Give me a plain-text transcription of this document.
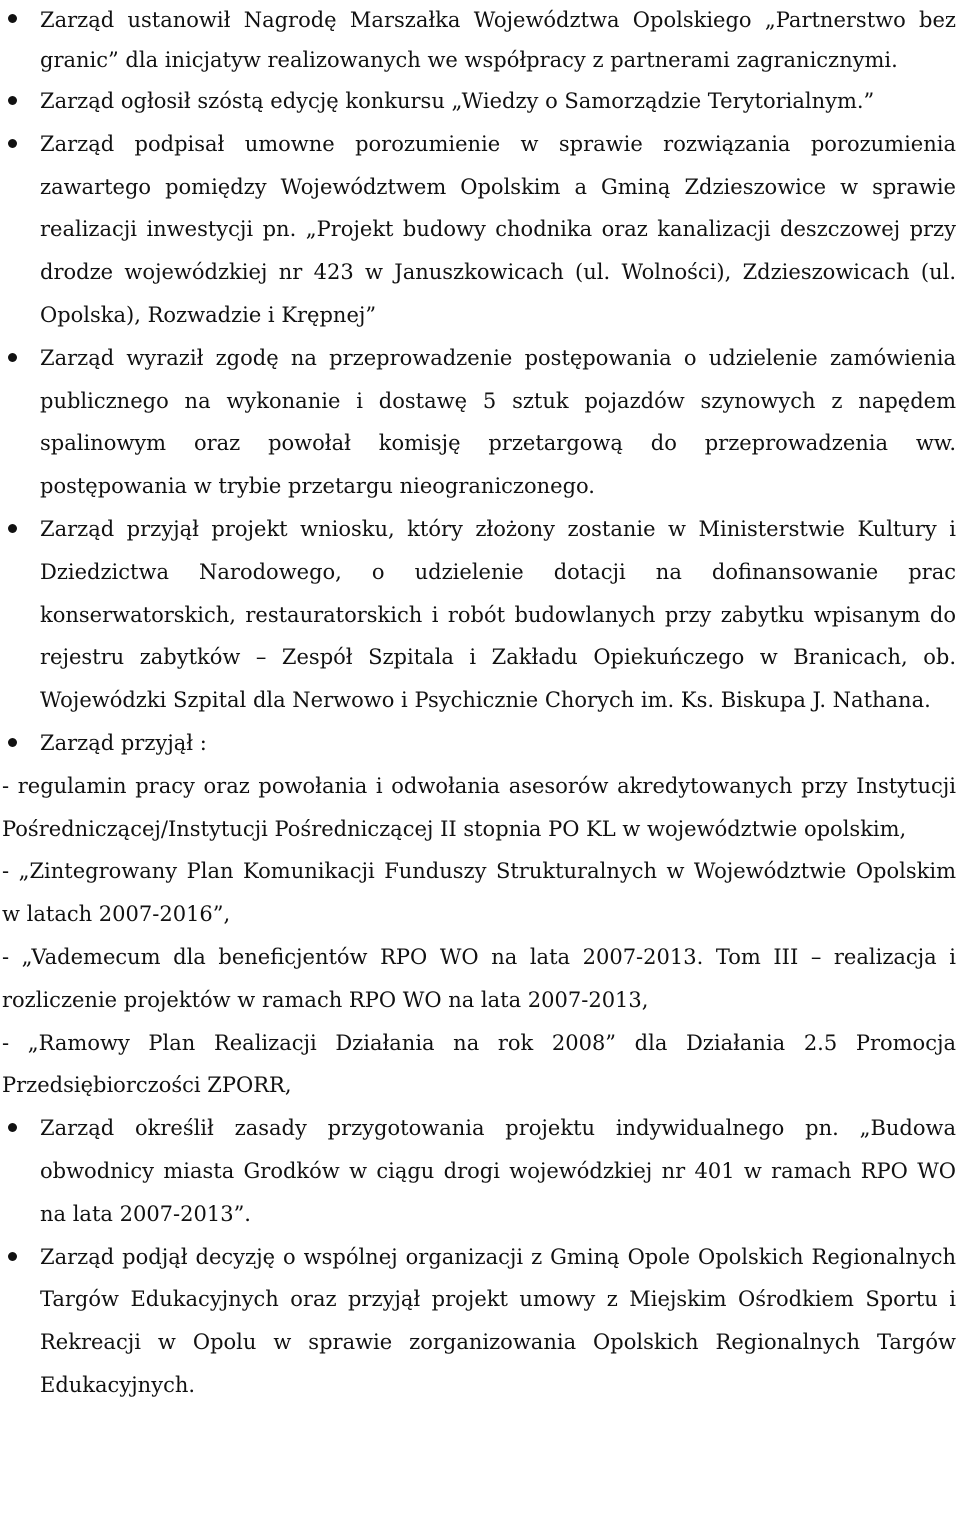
Zarząd ustanowił Nagrodę Marszałka Województwa Opolskiego „Partnerstwo bez granic” dla inicjatyw realizowanych we współpracy z partnerami zagranicznymi.
Zarząd ogłosił szóstą edycję konkursu „Wiedzy o Samorządzie Terytorialnym.”
Zarząd podpisał umowne porozumienie w sprawie rozwiązania porozumienia zawartego pomiędzy Województwem Opolskim a Gminą Zdzieszowice w sprawie realizacji inwestycji pn. „Projekt budowy chodnika oraz kanalizacji deszczowej przy drodze wojewódzkiej nr 423 w Januszkowicach (ul. Wolności), Zdzieszowicach (ul. Opolska), Rozwadzie i Krępnej”
Zarząd wyraził zgodę na przeprowadzenie postępowania o udzielenie zamówienia publicznego na wykonanie i dostawę 5 sztuk pojazdów szynowych z napędem spalinowym oraz powołał komisję przetargową do przeprowadzenia ww. postępowania w trybie przetargu nieograniczonego.
Zarząd przyjął projekt wniosku, który złożony zostanie w Ministerstwie Kultury i Dziedzictwa Narodowego, o udzielenie dotacji na dofinansowanie prac konserwatorskich, restauratorskich i robót budowlanych przy zabytku wpisanym do rejestru zabytków – Zespół Szpitala i Zakładu Opiekuńczego w Branicach, ob. Wojewódzki Szpital dla Nerwowo i Psychicznie Chorych im. Ks. Biskupa J. Nathana.
Zarząd przyjął :

- regulamin pracy oraz powołania i odwołania asesorów akredytowanych przy Instytucji Pośredniczącej/Instytucji Pośredniczącej II stopnia PO KL w województwie opolskim,

- „Zintegrowany Plan Komunikacji Funduszy Strukturalnych w Województwie Opolskim w latach 2007-2016”,

- „Vademecum dla beneficjentów RPO WO na lata 2007-2013. Tom III – realizacja i rozliczenie projektów w ramach RPO WO na lata 2007-2013,

- „Ramowy Plan Realizacji Działania na rok 2008” dla Działania 2.5 Promocja Przedsiębiorczości ZPORR,

Zarząd określił zasady przygotowania projektu indywidualnego pn. „Budowa obwodnicy miasta Grodków w ciągu drogi wojewódzkiej nr 401 w ramach RPO WO na lata 2007-2013”.
Zarząd podjął decyzję o wspólnej organizacji z Gminą Opole Opolskich Regionalnych Targów Edukacyjnych oraz przyjął projekt umowy z Miejskim Ośrodkiem Sportu i Rekreacji w Opolu w sprawie zorganizowania Opolskich Regionalnych Targów Edukacyjnych.
